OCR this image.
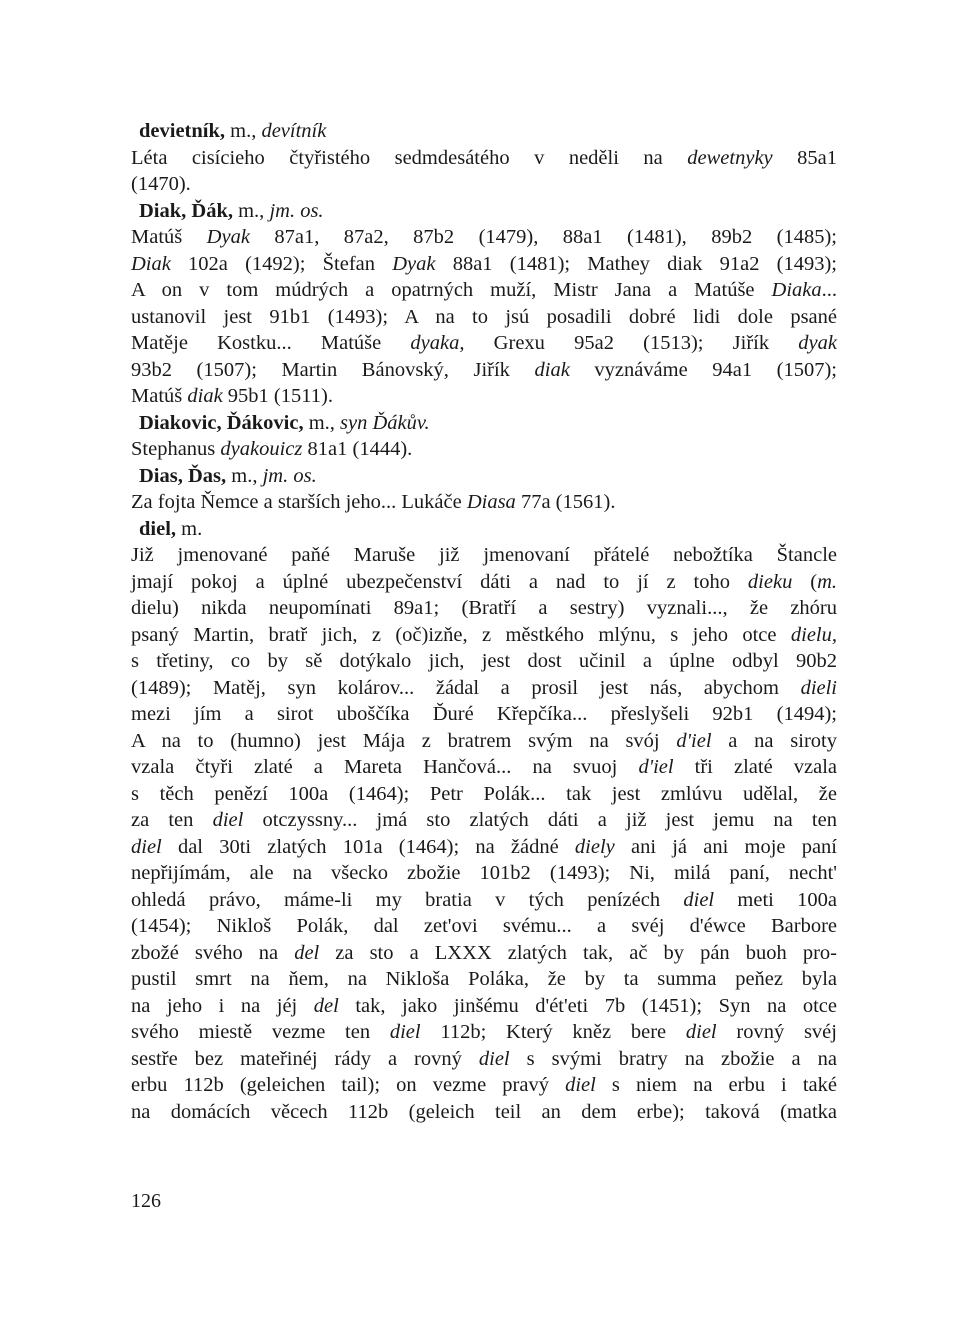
devietník, m., devítník
Léta cisícieho čtyřistého sedmdesátého v neděli na dewetnyky 85a1
(1470).
Diak, Ďák, m., jm. os.
Matúš Dyak 87a1, 87a2, 87b2 (1479), 88a1 (1481), 89b2 (1485);
Diak 102a (1492); Štefan Dyak 88a1 (1481); Mathey diak 91a2 (1493);
A on v tom múdrých a opatrných muží, Mistr Jana a Matúše Diaka...
ustanovil jest 91b1 (1493); A na to jsú posadili dobré lidi dole psané
Matěje Kostku... Matúše dyaka, Grexu 95a2 (1513); Jiřík dyak
93b2 (1507); Martin Bánovský, Jiřík diak vyznáváme 94a1 (1507);
Matúš diak 95b1 (1511).
Diakovic, Ďákovic, m., syn Ďákův.
Stephanus dyakouicz 81a1 (1444).
Dias, Ďas, m., jm. os.
Za fojta Ňemce a starších jeho... Lukáče Diasa 77a (1561).
diel, m.
Již jmenované paňé Maruše již jmenovaní přátelé nebožtíka Štancle
jmají pokoj a úplné ubezpečenství dáti a nad to jí z toho dieku (m.
dielu) nikda neupomínati 89a1; (Bratří a sestry) vyznali..., že zhóru
psaný Martin, bratř jich, z (oč)izňe, z městkého mlýnu, s jeho otce dielu,
s třetiny, co by sě dotýkalo jich, jest dost učinil a úplne odbyl 90b2
(1489); Matěj, syn kolárov... žádal a prosil jest nás, abychom dieli
mezi jím a sirot uboščíka Ďuré Křepčíka... přeslyšeli 92b1 (1494);
A na to (humno) jest Mája z bratrem svým na svój d'iel a na siroty
vzala čtyři zlaté a Mareta Hančová... na svuoj d'iel tři zlaté vzala
s těch penězí 100a (1464); Petr Polák... tak jest zmlúvu udělal, že
za ten diel otczyssny... jmá sto zlatých dáti a již jest jemu na ten
diel dal 30ti zlatých 101a (1464); na žádné diely ani já ani moje paní
nepřijímám, ale na všecko zbožie 101b2 (1493); Ni, milá paní, necht'
ohledá právo, máme-li my bratia v tých penízéch diel meti 100a
(1454); Nikloš Polák, dal zet'ovi svému... a svéj d'éwce Barbore
zbožé svého na del za sto a LXXX zlatých tak, ač by pán buoh pro-
pustil smrt na ňem, na Nikloša Poláka, že by ta summa peňez byla
na jeho i na jéj del tak, jako jinšému d'ét'eti 7b (1451); Syn na otce
svého miestě vezme ten diel 112b; Který kněz bere diel rovný svéj
sestře bez mateřinéj rády a rovný diel s svými bratry na zbožie a na
erbu 112b (geleichen tail); on vezme pravý diel s niem na erbu i také
na domácích věcech 112b (geleich teil an dem erbe); taková (matka
126
